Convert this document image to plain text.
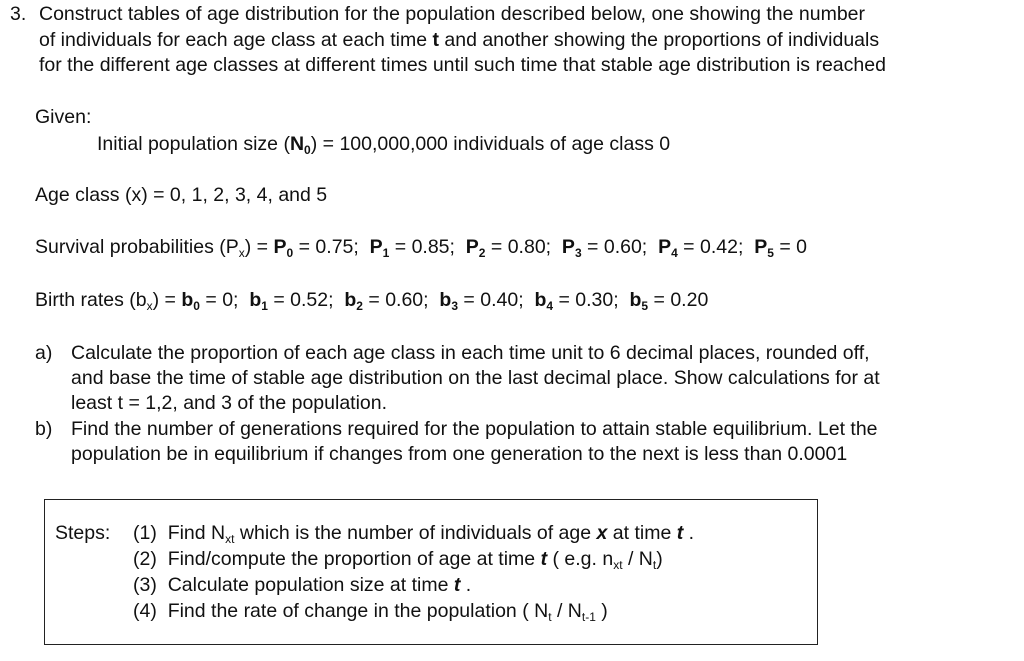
3. Construct tables of age distribution for the population described below, one showing the number
of individuals for each age class at each time t and another showing the proportions of individuals
for the different age classes at different times until such time that stable age distribution is reached
Given:
Initial population size $(N_0) = 100,000,000$ individuals of age class 0
Age class (x) = 0, 1, 2, 3, 4, and 5
Survival probabilities $(P_x) = P_0 = 0.75$; $P_1 = 0.85$; $P_2 = 0.80$; $P_3 = 0.60$; $P_4 = 0.42$; $P_5 = 0$
Birth rates $(b_x) = b_0 = 0$; $b_1 = 0.52$; $b_2 = 0.60$; $b_3 = 0.40$; $b_4 = 0.30$; $b_5 = 0.20$
a) Calculate the proportion of each age class in each time unit to 6 decimal places, rounded off,
and base the time of stable age distribution on the last decimal place. Show calculations for at
least t = 1,2, and 3 of the population.
b) Find the number of generations required for the population to attain stable equilibrium. Let the
population be in equilibrium if changes from one generation to the next is less than 0.0001
Steps: (1) Find $N_{xt}$ which is the number of individuals of age x at time t .
(2) Find/compute the proportion of age at time t ( e.g. $n_{xt} / N_t$)
(3) Calculate population size at time t .
(4) Find the rate of change in the population ( $N_t / N_{t-1}$ )
